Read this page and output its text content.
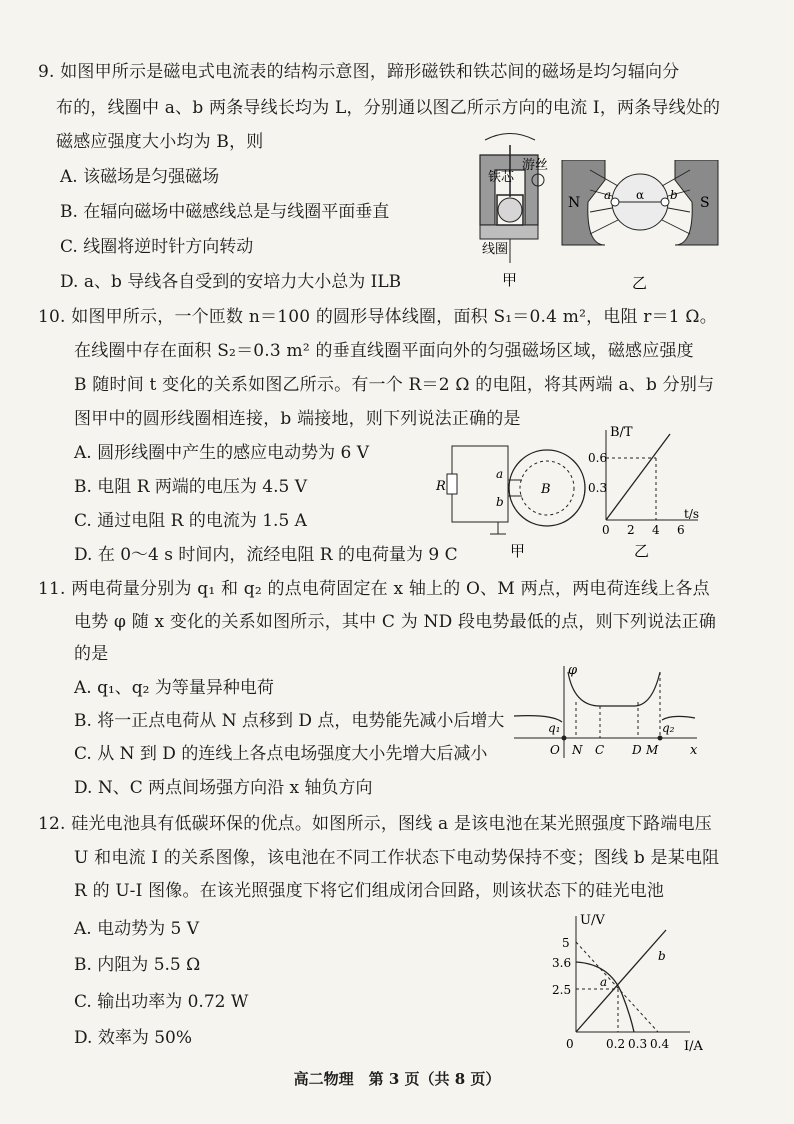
9. 如图甲所示是磁电式电流表的结构示意图，蹄形磁铁和铁芯间的磁场是均匀辐向分
布的，线圈中 a、b 两条导线长均为 L，分别通以图乙所示方向的电流 I，两条导线处的
磁感应强度大小均为 B，则
A. 该磁场是匀强磁场
B. 在辐向磁场中磁感线总是与线圈平面垂直
C. 线圈将逆时针方向转动
D. a、b 导线各自受到的安培力大小总为 ILB
铁芯
游丝
线圈
甲
N	S
a	b
α
乙
10. 如图甲所示，一个匝数 n＝100 的圆形导体线圈，面积 S₁＝0.4 m²，电阻 r＝1 Ω。
在线圈中存在面积 S₂＝0.3 m² 的垂直线圈平面向外的匀强磁场区域，磁感应强度
B 随时间 t 变化的关系如图乙所示。有一个 R＝2 Ω 的电阻，将其两端 a、b 分别与
图甲中的圆形线圈相连接，b 端接地，则下列说法正确的是
A. 圆形线圈中产生的感应电动势为 6 V
B. 电阻 R 两端的电压为 4.5 V
C. 通过电阻 R 的电流为 1.5 A
D. 在 0～4 s 时间内，流经电阻 R 的电荷量为 9 C
R
a
b
B
甲
B/T
t/s
0.6
0.3
0 2 4 6
乙
11. 两电荷量分别为 q₁ 和 q₂ 的点电荷固定在 x 轴上的 O、M 两点，两电荷连线上各点
电势 φ 随 x 变化的关系如图所示，其中 C 为 ND 段电势最低的点，则下列说法正确
的是
A. q₁、q₂ 为等量异种电荷
B. 将一正点电荷从 N 点移到 D 点，电势能先减小后增大
C. 从 N 到 D 的连线上各点电场强度大小先增大后减小
D. N、C 两点间场强方向沿 x 轴负方向
φ
x
O N C D M
q₁	q₂
12. 硅光电池具有低碳环保的优点。如图所示，图线 a 是该电池在某光照强度下路端电压
U 和电流 I 的关系图像，该电池在不同工作状态下电动势保持不变；图线 b 是某电阻
R 的 U-I 图像。在该光照强度下将它们组成闭合回路，则该状态下的硅光电池
A. 电动势为 5 V
B. 内阻为 5.5 Ω
C. 输出功率为 0.72 W
D. 效率为 50%
U/V
I/A
5
3.6
2.5
0	0.2 0.3 0.4
a
b
高二物理　第 3 页（共 8 页）
